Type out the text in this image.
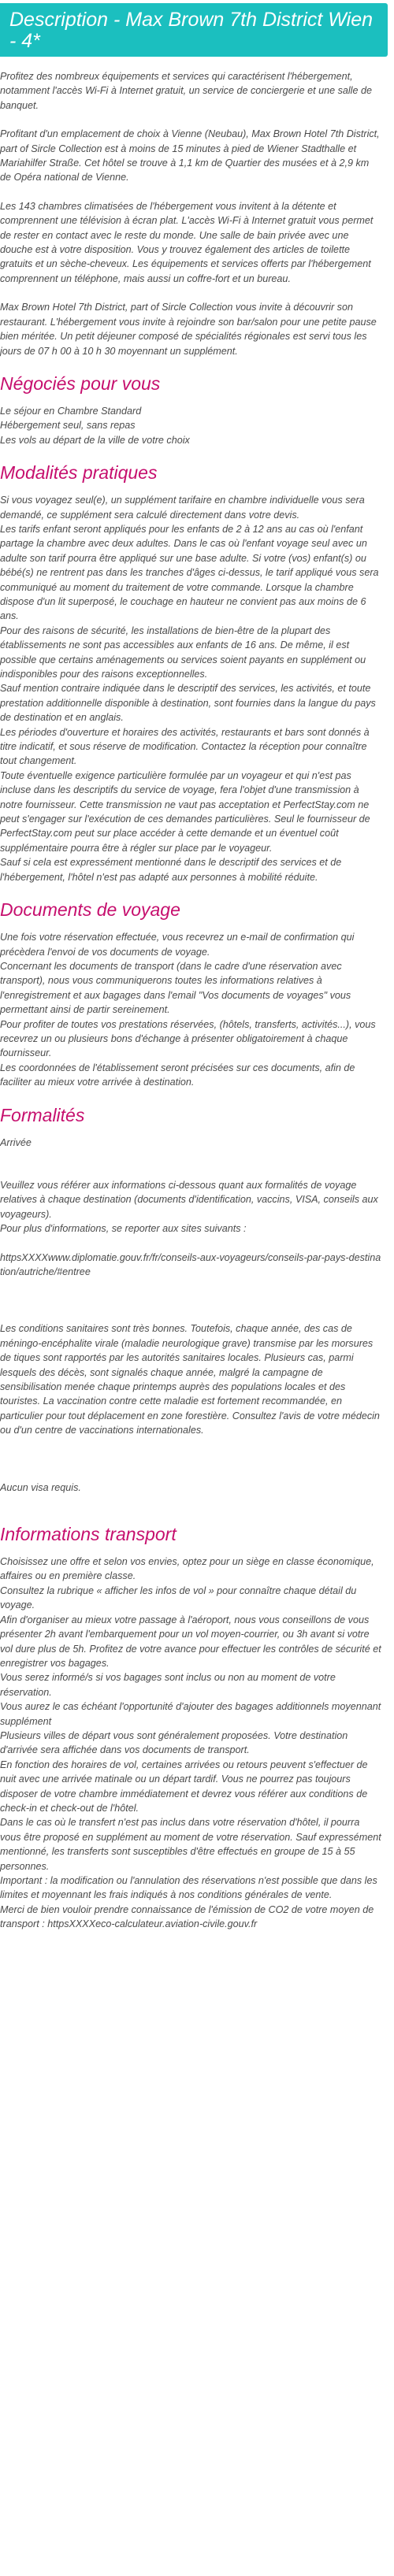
Description - Max Brown 7th District Wien - 4*

Profitez des nombreux équipements et services qui caractérisent l'hébergement, notamment l'accès Wi-Fi à Internet gratuit, un service de conciergerie et une salle de banquet.

Profitant d'un emplacement de choix à Vienne (Neubau), Max Brown Hotel 7th District, part of Sircle Collection est à moins de 15 minutes à pied de Wiener Stadthalle et Mariahilfer Straße. Cet hôtel se trouve à 1,1 km de Quartier des musées et à 2,9 km de Opéra national de Vienne.

Les 143 chambres climatisées de l'hébergement vous invitent à la détente et comprennent une télévision à écran plat. L'accès Wi-Fi à Internet gratuit vous permet de rester en contact avec le reste du monde. Une salle de bain privée avec une douche est à votre disposition. Vous y trouvez également des articles de toilette gratuits et un sèche-cheveux. Les équipements et services offerts par l'hébergement comprennent un téléphone, mais aussi un coffre-fort et un bureau.

Max Brown Hotel 7th District, part of Sircle Collection vous invite à découvrir son restaurant. L'hébergement vous invite à rejoindre son bar/salon pour une petite pause bien méritée. Un petit déjeuner composé de spécialités régionales est servi tous les jours de 07 h 00 à 10 h 30 moyennant un supplément.

Négociés pour vous
Le séjour en Chambre Standard
Hébergement seul, sans repas
Les vols au départ de la ville de votre choix
Modalités pratiques

Si vous voyagez seul(e), un supplément tarifaire en chambre individuelle vous sera demandé, ce supplément sera calculé directement dans votre devis.
Les tarifs enfant seront appliqués pour les enfants de 2 à 12 ans au cas où l'enfant partage la chambre avec deux adultes. Dans le cas où l'enfant voyage seul avec un adulte son tarif pourra être appliqué sur une base adulte. Si votre (vos) enfant(s) ou bébé(s) ne rentrent pas dans les tranches d'âges ci-dessus, le tarif appliqué vous sera communiqué au moment du traitement de votre commande. Lorsque la chambre dispose d'un lit superposé, le couchage en hauteur ne convient pas aux moins de 6 ans.
Pour des raisons de sécurité, les installations de bien-être de la plupart des établissements ne sont pas accessibles aux enfants de 16 ans. De même, il est possible que certains aménagements ou services soient payants en supplément ou indisponibles pour des raisons exceptionnelles.
Sauf mention contraire indiquée dans le descriptif des services, les activités, et toute prestation additionnelle disponible à destination, sont fournies dans la langue du pays de destination et en anglais.
Les périodes d'ouverture et horaires des activités, restaurants et bars sont donnés à titre indicatif, et sous réserve de modification. Contactez la réception pour connaître tout changement.
Toute éventuelle exigence particulière formulée par un voyageur et qui n'est pas incluse dans les descriptifs du service de voyage, fera l'objet d'une transmission à notre fournisseur. Cette transmission ne vaut pas acceptation et PerfectStay.com ne peut s'engager sur l'exécution de ces demandes particulières. Seul le fournisseur de PerfectStay.com peut sur place accéder à cette demande et un éventuel coût supplémentaire pourra être à régler sur place par le voyageur.
Sauf si cela est expressément mentionné dans le descriptif des services et de l'hébergement, l'hôtel n'est pas adapté aux personnes à mobilité réduite.

Documents de voyage

Une fois votre réservation effectuée, vous recevrez un e-mail de confirmation qui précèdera l'envoi de vos documents de voyage.
Concernant les documents de transport (dans le cadre d'une réservation avec transport), nous vous communiquerons toutes les informations relatives à l'enregistrement et aux bagages dans l'email "Vos documents de voyages" vous permettant ainsi de partir sereinement.
Pour profiter de toutes vos prestations réservées, (hôtels, transferts, activités...), vous recevrez un ou plusieurs bons d'échange à présenter obligatoirement à chaque fournisseur.
Les coordonnées de l'établissement seront précisées sur ces documents, afin de faciliter au mieux votre arrivée à destination.

Formalités

Arrivée

Veuillez vous référer aux informations ci-dessous quant aux formalités de voyage relatives à chaque destination (documents d'identification, vaccins, VISA, conseils aux voyageurs).
Pour plus d'informations, se reporter aux sites suivants :

httpsXXXXwww.diplomatie.gouv.fr/fr/conseils-aux-voyageurs/conseils-par-pays-destination/autriche/#entree

Les conditions sanitaires sont très bonnes. Toutefois, chaque année, des cas de méningo-encéphalite virale (maladie neurologique grave) transmise par les morsures de tiques sont rapportés par les autorités sanitaires locales. Plusieurs cas, parmi lesquels des décès, sont signalés chaque année, malgré la campagne de sensibilisation menée chaque printemps auprès des populations locales et des touristes. La vaccination contre cette maladie est fortement recommandée, en particulier pour tout déplacement en zone forestière. Consultez l'avis de votre médecin ou d'un centre de vaccinations internationales.

Aucun visa requis.

Informations transport

Choisissez une offre et selon vos envies, optez pour un siège en classe économique, affaires ou en première classe.
Consultez la rubrique « afficher les infos de vol » pour connaître chaque détail du voyage.
Afin d'organiser au mieux votre passage à l'aéroport, nous vous conseillons de vous présenter 2h avant l'embarquement pour un vol moyen-courrier, ou 3h avant si votre vol dure plus de 5h. Profitez de votre avance pour effectuer les contrôles de sécurité et enregistrer vos bagages.
Vous serez informé/s si vos bagages sont inclus ou non au moment de votre réservation.
Vous aurez le cas échéant l'opportunité d'ajouter des bagages additionnels moyennant supplément
Plusieurs villes de départ vous sont généralement proposées. Votre destination d'arrivée sera affichée dans vos documents de transport.
En fonction des horaires de vol, certaines arrivées ou retours peuvent s'effectuer de nuit avec une arrivée matinale ou un départ tardif. Vous ne pourrez pas toujours disposer de votre chambre immédiatement et devrez vous référer aux conditions de check-in et check-out de l'hôtel.
Dans le cas où le transfert n'est pas inclus dans votre réservation d'hôtel, il pourra vous être proposé en supplément au moment de votre réservation. Sauf expressément mentionné, les transferts sont susceptibles d'être effectués en groupe de 15 à 55 personnes.
Important : la modification ou l'annulation des réservations n'est possible que dans les limites et moyennant les frais indiqués à nos conditions générales de vente.
Merci de bien vouloir prendre connaissance de l'émission de CO2 de votre moyen de transport : httpsXXXXeco-calculateur.aviation-civile.gouv.fr
